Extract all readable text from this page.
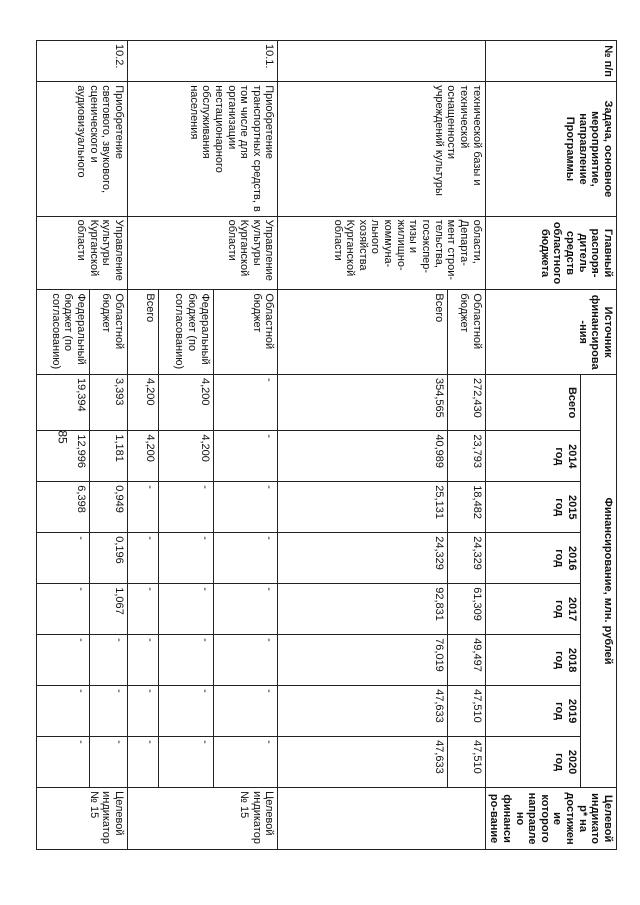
85
№ п/п	Задача, основное мероприятие, направление Программы	Главный распоря-дитель средств областного бюджета	Источник финансирова-ния	Финансирование, млн. рублей								Целевой индикатор* на достижение которого направлено финансиро-вание
				Всего	2014 год	2015 год	2016 год	2017 год	2018 год	2019 год	2020 год	
	технической базы и технической оснащенности учреждений культуры	области, Департа-мент строи-тельства, госэкспер-тизы и жилищно-коммуна-льного хозяйства Курганской области	Областной бюджет	272,430	23,793	18,482	24,329	61,309	49,497	47,510	47,510	
			Всего	354,565	40,989	25,131	24,329	92,831	76,019	47,633	47,633	
10.1.	Приобретение транспортных средств, в том числе для организации нестационарного обслуживания населения	Управление культуры Курганской области	Областной бюджет	-	-	-	-	-	-	-	-	Целевой индикатор № 15
			Федеральный бюджет (по согласованию)	4,200	4,200	-	-	-	-	-	-	
			Всего	4,200	4,200	-	-	-	-	-	-	
10.2.	Приобретение светового, звукового, сценического и аудиовизуального	Управление культуры Курганской области	Областной бюджет	3,393	1,181	0,949	0,196	1,067	-	-	-	Целевой индикатор № 15
			Федеральный бюджет (по согласованию)	19,394	12,996	6,398	-	-	-	-	-	
